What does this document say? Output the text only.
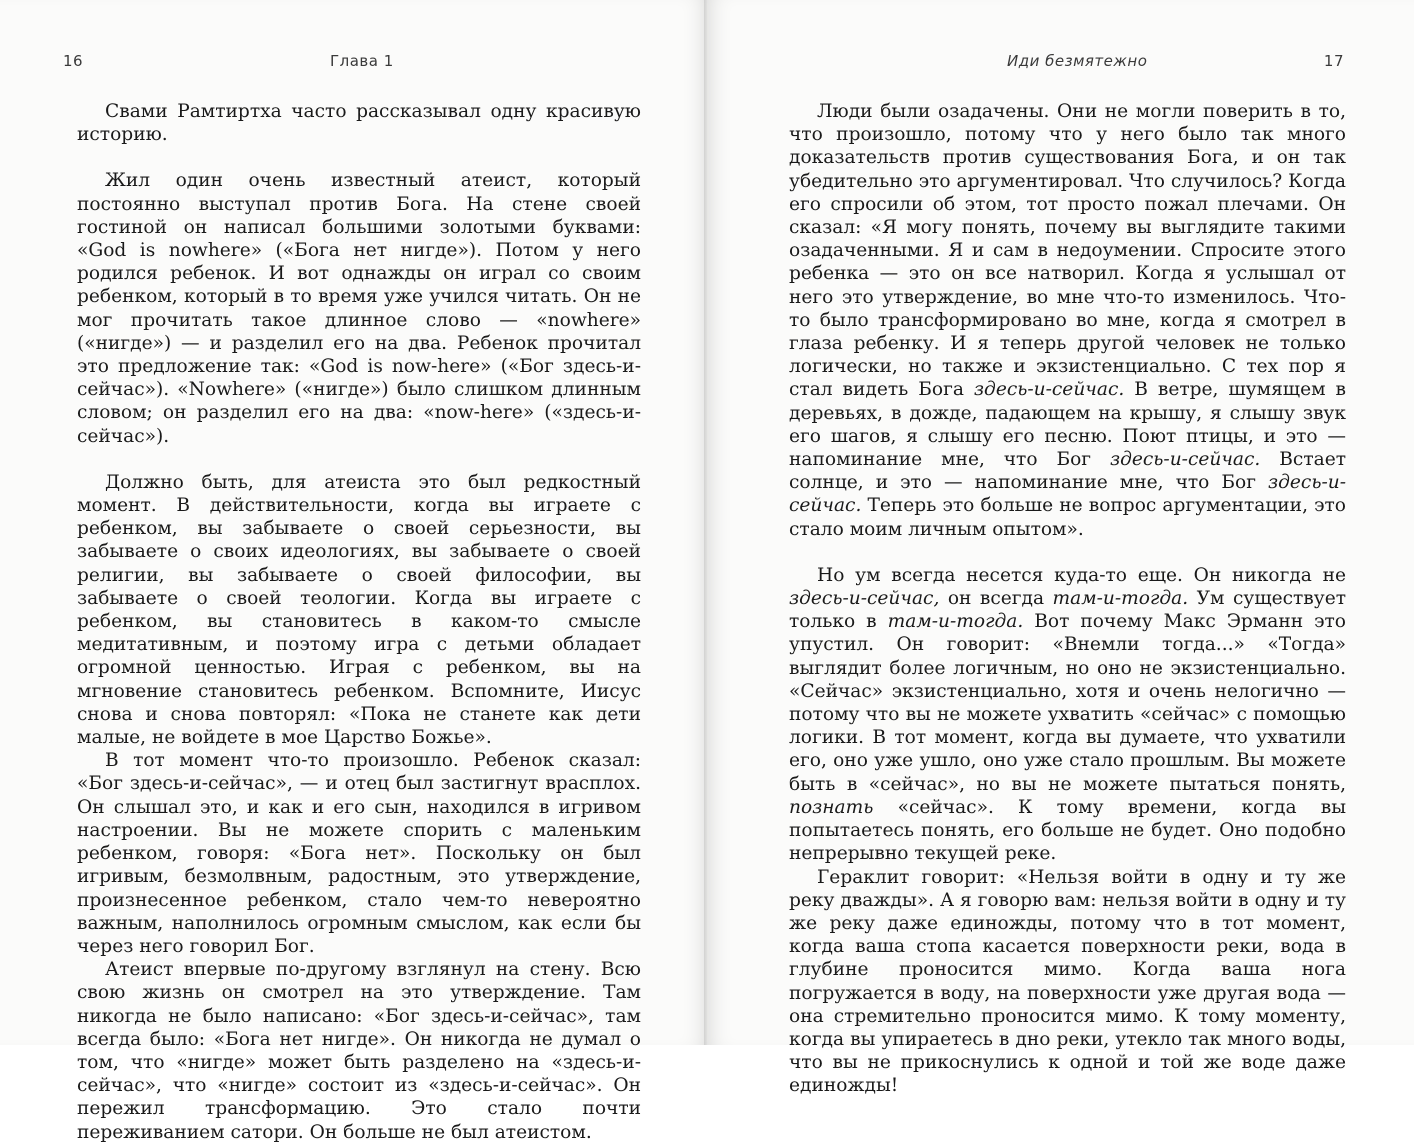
16	Глава 1

Свами Рамтиртха часто рассказывал одну красивую историю.

Жил один очень известный атеист, который постоянно выступал против Бога. На стене своей гостиной он написал большими золотыми буквами: «God is nowhere» («Бога нет нигде»). Потом у него родился ребенок. И вот однажды он играл со своим ребенком, который в то время уже учился читать. Он не мог прочитать такое длинное слово — «nowhere» («нигде») — и разделил его на два. Ребенок прочитал это предложение так: «God is now-here» («Бог здесь-и-сейчас»). «Nowhere» («нигде») было слишком длинным словом; он разделил его на два: «now-here» («здесь-и-сейчас»).

Должно быть, для атеиста это был редкостный момент. В действительности, когда вы играете с ребенком, вы забываете о своей серьезности, вы забываете о своих идеологиях, вы забываете о своей религии, вы забываете о своей философии, вы забываете о своей теологии. Когда вы играете с ребенком, вы становитесь в каком-то смысле медитативным, и поэтому игра с детьми обладает огромной ценностью. Играя с ребенком, вы на мгновение становитесь ребенком. Вспомните, Иисус снова и снова повторял: «Пока не станете как дети малые, не войдете в мое Царство Божье».

В тот момент что-то произошло. Ребенок сказал: «Бог здесь-и-сейчас», — и отец был застигнут врасплох. Он слышал это, и как и его сын, находился в игривом настроении. Вы не можете спорить с маленьким ребенком, говоря: «Бога нет». Поскольку он был игривым, безмолвным, радостным, это утверждение, произнесенное ребенком, стало чем-то невероятно важным, наполнилось огромным смыслом, как если бы через него говорил Бог.

Атеист впервые по-другому взглянул на стену. Всю свою жизнь он смотрел на это утверждение. Там никогда не было написано: «Бог здесь-и-сейчас», там всегда было: «Бога нет нигде». Он никогда не думал о том, что «нигде» может быть разделено на «здесь-и-сейчас», что «нигде» состоит из «здесь-и-сейчас». Он пережил трансформацию. Это стало почти переживанием сатори. Он больше не был атеистом.

Иди безмятежно	17

Люди были озадачены. Они не могли поверить в то, что произошло, потому что у него было так много доказательств против существования Бога, и он так убедительно это аргументировал. Что случилось? Когда его спросили об этом, тот просто пожал плечами. Он сказал: «Я могу понять, почему вы выглядите такими озадаченными. Я и сам в недоумении. Спросите этого ребенка — это он все натворил. Когда я услышал от него это утверждение, во мне что-то изменилось. Что-то было трансформировано во мне, когда я смотрел в глаза ребенку. И я теперь другой человек не только логически, но также и экзистенциально. С тех пор я стал видеть Бога здесь-и-сейчас. В ветре, шумящем в деревьях, в дожде, падающем на крышу, я слышу звук его шагов, я слышу его песню. Поют птицы, и это — напоминание мне, что Бог здесь-и-сейчас. Встает солнце, и это — напоминание мне, что Бог здесь-и-сейчас. Теперь это больше не вопрос аргументации, это стало моим личным опытом».

Но ум всегда несется куда-то еще. Он никогда не здесь-и-сейчас, он всегда там-и-тогда. Ум существует только в там-и-тогда. Вот почему Макс Эрманн это упустил. Он говорит: «Внемли тогда...» «Тогда» выглядит более логичным, но оно не экзистенциально. «Сейчас» экзистенциально, хотя и очень нелогично — потому что вы не можете ухватить «сейчас» с помощью логики. В тот момент, когда вы думаете, что ухватили его, оно уже ушло, оно уже стало прошлым. Вы можете быть в «сейчас», но вы не можете пытаться понять, познать «сейчас». К тому времени, когда вы попытаетесь понять, его больше не будет. Оно подобно непрерывно текущей реке.

Гераклит говорит: «Нельзя войти в одну и ту же реку дважды». А я говорю вам: нельзя войти в одну и ту же реку даже единожды, потому что в тот момент, когда ваша стопа касается поверхности реки, вода в глубине проносится мимо. Когда ваша нога погружается в воду, на поверхности уже другая вода — она стремительно проносится мимо. К тому моменту, когда вы упираетесь в дно реки, утекло так много воды, что вы не прикоснулись к одной и той же воде даже единожды!
